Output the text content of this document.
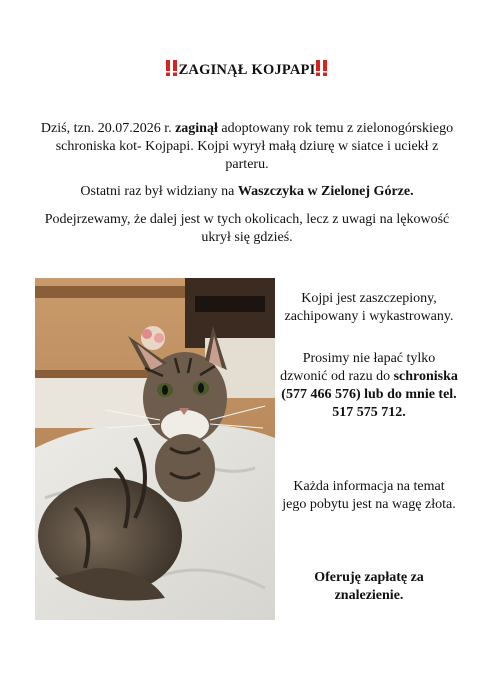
ZAGINĄŁ KOJPAPI
Dziś, tzn. 20.07.2026 r. zaginął adoptowany rok temu z zielonogórskiego schroniska kot- Kojpapi. Kojpi wyrył małą dziurę w siatce i uciekł z parteru.
Ostatni raz był widziany na Waszczyka w Zielonej Górze.
Podejrzewamy, że dalej jest w tych okolicach, lecz z uwagi na lękowość ukrył się gdzieś.
Kojpi jest zaszczepiony, zachipowany i wykastrowany.
Prosimy nie łapać tylko dzwonić od razu do schroniska (577 466 576) lub do mnie tel. 517 575 712.
Każda informacja na temat jego pobytu jest na wagę złota.
Oferuję zapłatę za znalezienie.
